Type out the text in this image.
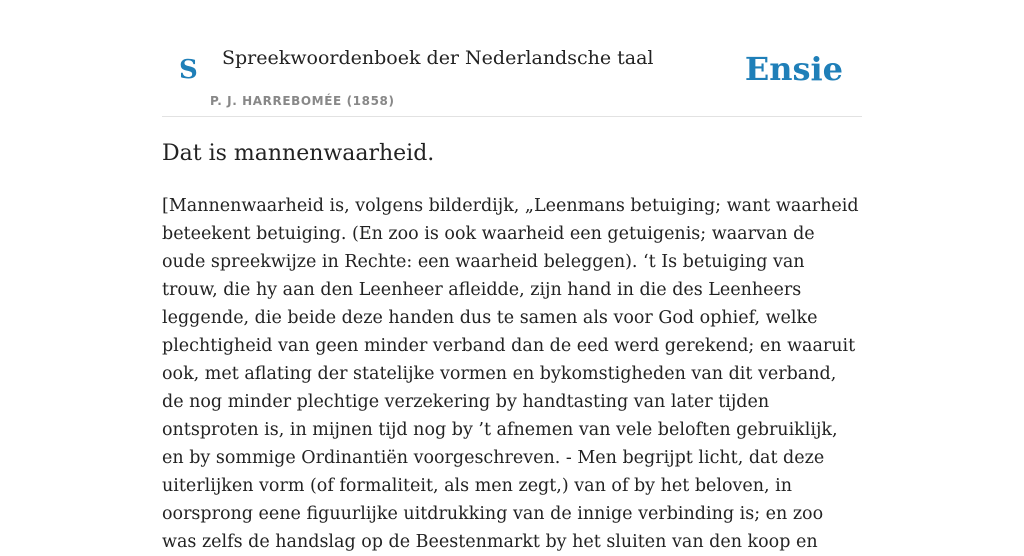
S Spreekwoordenboek der Nederlandsche taal
P. J. HARREBOMÉE (1858)
Ensie
Dat is mannenwaarheid.

[Mannenwaarheid is, volgens bilderdijk, „Leenmans betuiging; want waarheid beteekent betuiging. (En zoo is ook waarheid een getuigenis; waarvan de oude spreekwijze in Rechte: een waarheid beleggen). ‘t Is betuiging van trouw, die hy aan den Leenheer afleidde, zijn hand in die des Leenheers leggende, die beide deze handen dus te samen als voor God ophief, welke plechtigheid van geen minder verband dan de eed werd gerekend; en waaruit ook, met aflating der statelijke vormen en bykomstigheden van dit verband, de nog minder plechtige verzekering by handtasting van later tijden ontsproten is, in mijnen tijd nog by ’t afnemen van vele beloften gebruiklijk, en by sommige Ordinantiën voorgeschreven. - Men begrijpt licht, dat deze uiterlijken vorm (of formaliteit, als men zegt,) van of by het beloven, in oorsprong eene figuurlijke uitdrukking van de innige verbinding is; en zoo was zelfs de handslag op de Beestenmarkt by het sluiten van den koop en
